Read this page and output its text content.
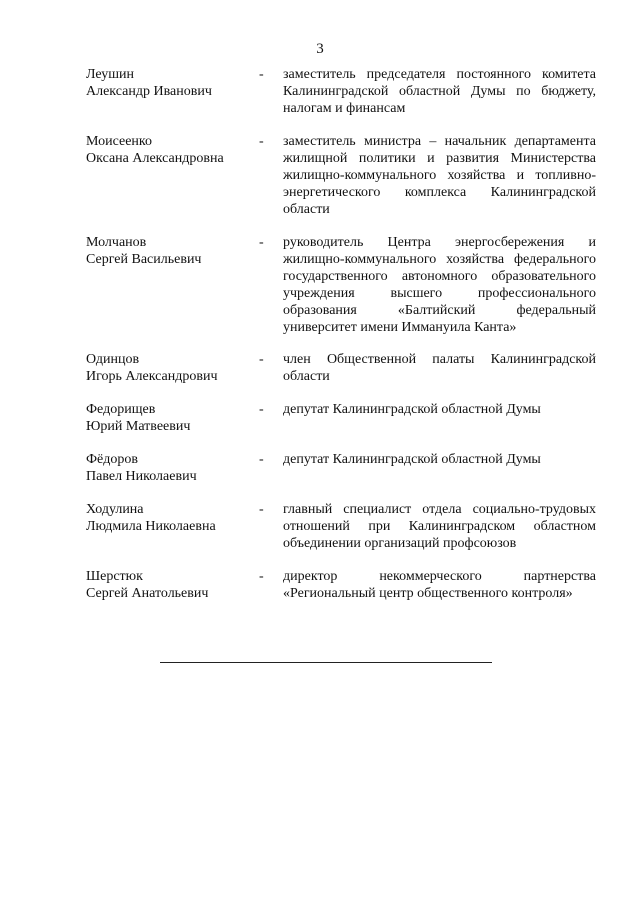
3
Леушин
Александр Иванович
-	заместитель председателя постоянного комитета
Калининградской областной Думы по бюджету,
налогам и финансам
Моисеенко
Оксана Александровна
-	заместитель министра – начальник департамента
жилищной политики и развития Министерства
жилищно-коммунального хозяйства и топливно-
энергетического комплекса Калининградской
области
Молчанов
Сергей Васильевич
-	руководитель Центра энергосбережения и
жилищно-коммунального хозяйства федерального
государственного автономного образовательного
учреждения высшего профессионального
образования «Балтийский федеральный
университет имени Иммануила Канта»
Одинцов
Игорь Александрович
-	член Общественной палаты Калининградской
области
Федорищев
Юрий Матвеевич
-	депутат Калининградской областной Думы
Фёдоров
Павел Николаевич
-	депутат Калининградской областной Думы
Ходулина
Людмила Николаевна
-	главный специалист отдела социально-трудовых
отношений при Калининградском областном
объединении организаций профсоюзов
Шерстюк
Сергей Анатольевич
-	директор некоммерческого партнерства
«Региональный центр общественного контроля»
